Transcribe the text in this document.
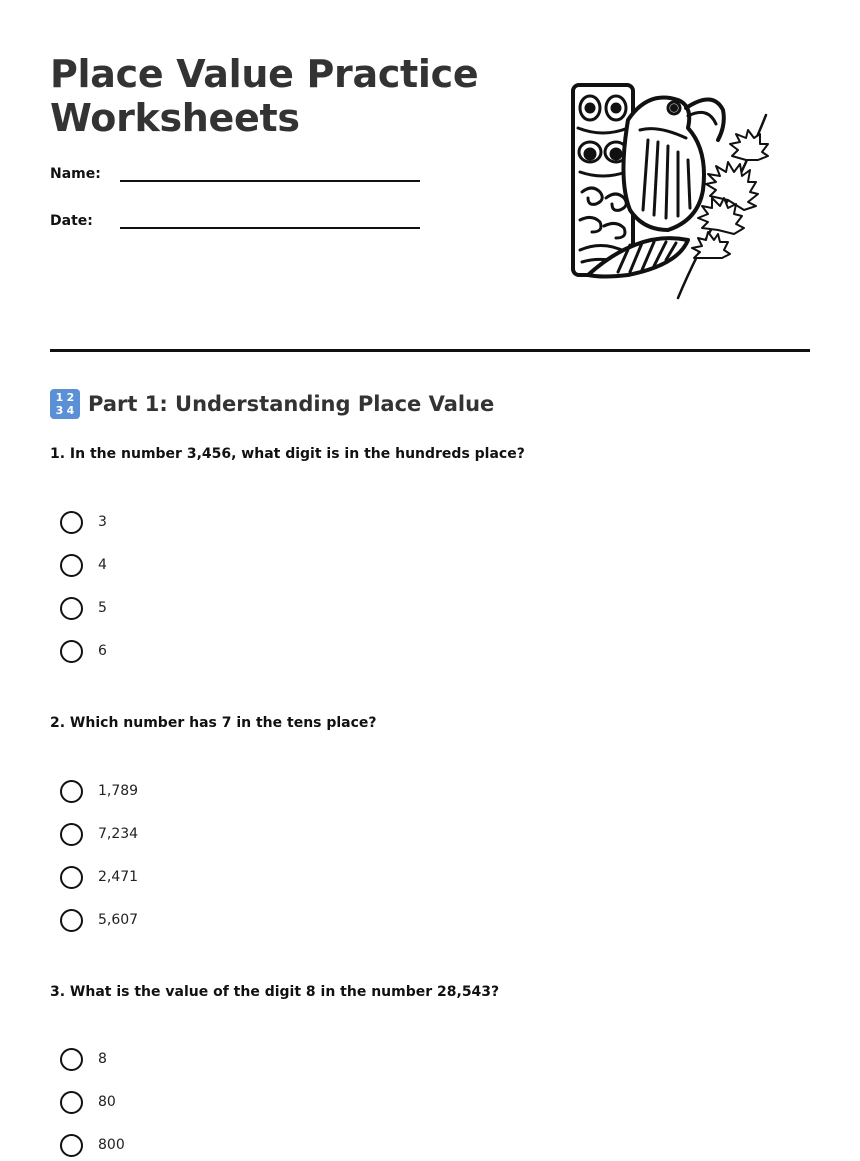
Place Value Practice Worksheets
Name:
Date:
1 2
3 4 Part 1: Understanding Place Value
1. In the number 3,456, what digit is in the hundreds place?
3
4
5
6
2. Which number has 7 in the tens place?
1,789
7,234
2,471
5,607
3. What is the value of the digit 8 in the number 28,543?
8
80
800
